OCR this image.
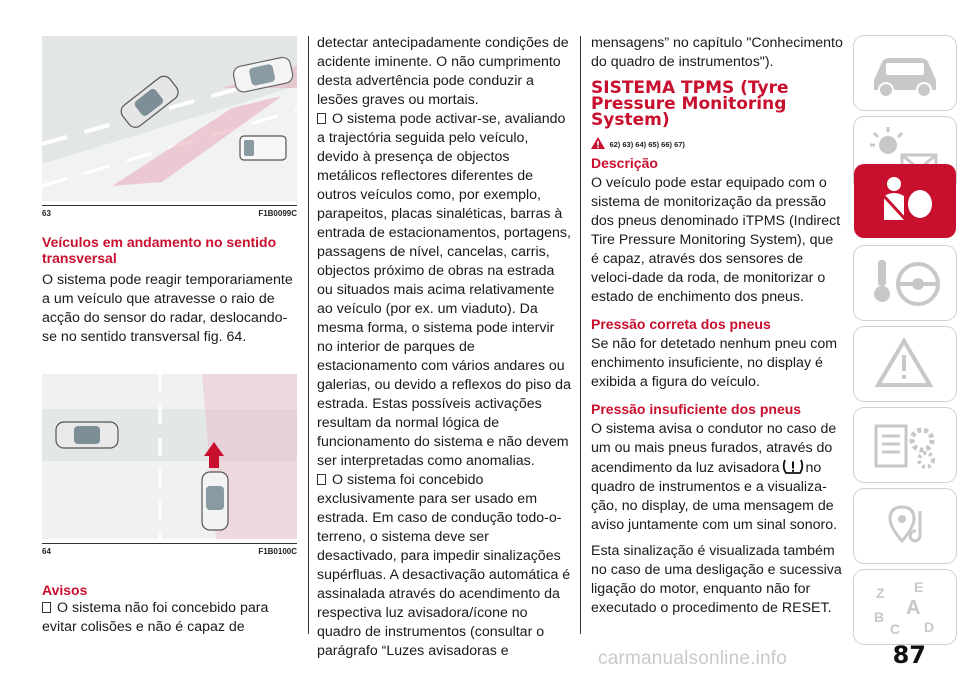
63	F1B0099C
Veículos em andamento no sentido transversal

O sistema pode reagir temporariamente a um veículo que atravesse o raio de acção do sensor do radar, deslocando-se no sentido transversal fig. 64.

64	F1B0100C
Avisos

O sistema não foi concebido para evitar colisões e não é capaz de

detectar antecipadamente condições de acidente iminente. O não cumprimento desta advertência pode conduzir a lesões graves ou mortais.

O sistema pode activar-se, avaliando a trajectória seguida pelo veículo, devido à presença de objectos metálicos reflectores diferentes de outros veículos como, por exemplo, parapeitos, placas sinaléticas, barras à entrada de estacionamentos, portagens, passagens de nível, cancelas, carris, objectos próximo de obras na estrada ou situados mais acima relativamente ao veículo (por ex. um viaduto). Da mesma forma, o sistema pode intervir no interior de parques de estacionamento com vários andares ou galerias, ou devido a reflexos do piso da estrada. Estas possíveis activações resultam da normal lógica de funcionamento do sistema e não devem ser interpretadas como anomalias.

O sistema foi concebido exclusivamente para ser usado em estrada. Em caso de condução todo-o-terreno, o sistema deve ser desactivado, para impedir sinalizações supérfluas. A desactivação automática é assinalada através do acendimento da respectiva luz avisadora/ícone no quadro de instrumentos (consultar o parágrafo “Luzes avisadoras e

mensagens” no capítulo "Conhecimento do quadro de instrumentos").

SISTEMA TPMS (Tyre Pressure Monitoring System)
62) 63) 64) 65) 66) 67)
Descrição

O veículo pode estar equipado com o sistema de monitorização da pressão dos pneus denominado iTPMS (Indirect Tire Pressure Monitoring System), que é capaz, através dos sensores de veloci-dade da roda, de monitorizar o estado de enchimento dos pneus.

Pressão correta dos pneus

Se não for detetado nenhum pneu com enchimento insuficiente, no display é exibida a figura do veículo.

Pressão insuficiente dos pneus

O sistema avisa o condutor no caso de um ou mais pneus furados, através do acendimento da luz avisadora no quadro de instrumentos e a visualiza-ção, no display, de uma mensagem de aviso juntamente com um sinal sonoro.

Esta sinalização é visualizada também no caso de uma desligação e sucessiva ligação do motor, enquanto não for executado o procedimento de RESET.

Z E
B A
C D
carmanualsonline.info	87
